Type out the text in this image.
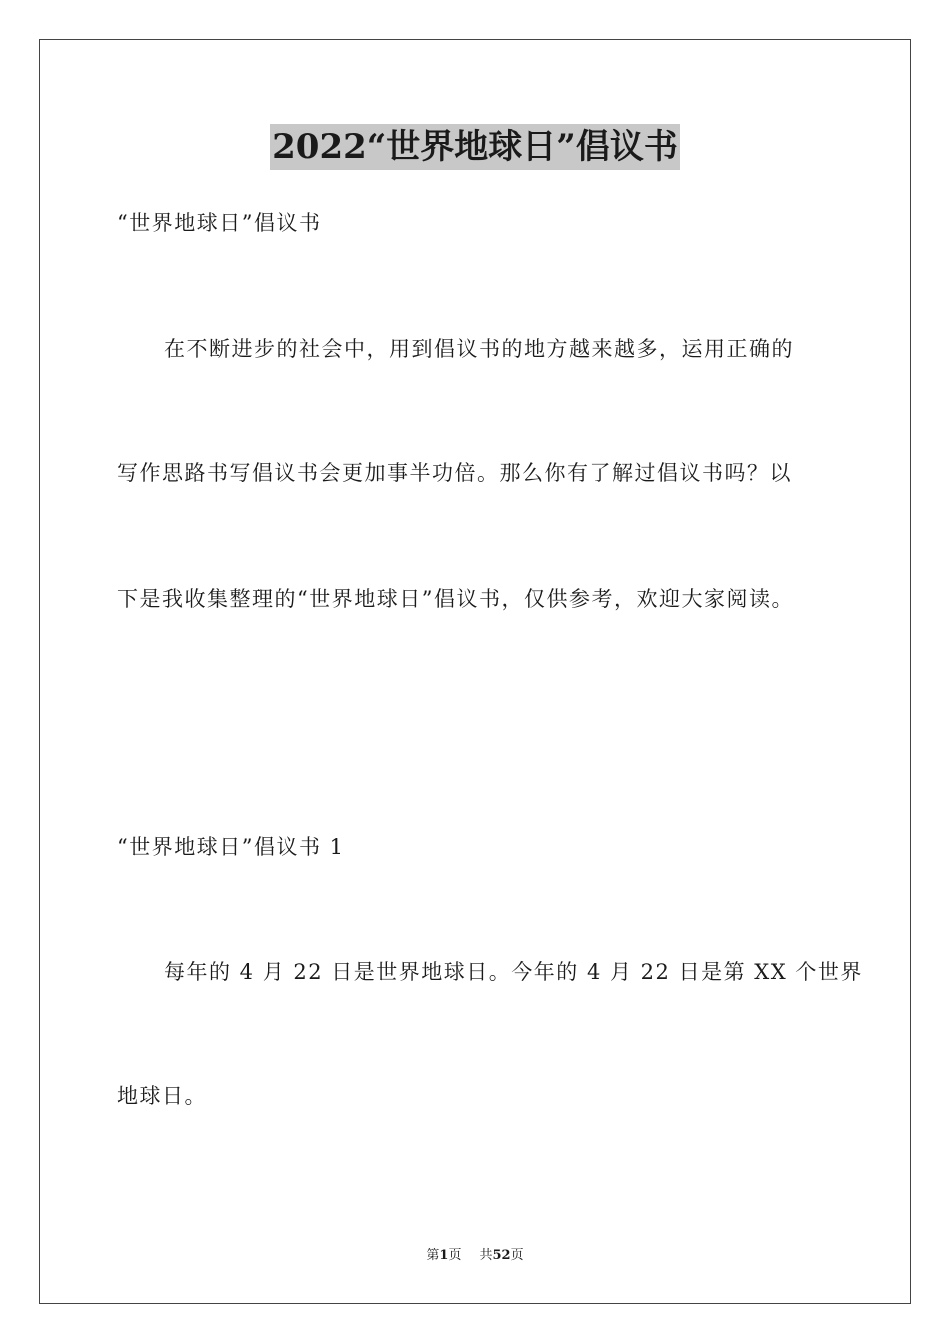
2022“世界地球日”倡议书
“世界地球日”倡议书
在不断进步的社会中，用到倡议书的地方越来越多，运用正确的
写作思路书写倡议书会更加事半功倍。那么你有了解过倡议书吗？以
下是我收集整理的“世界地球日”倡议书，仅供参考，欢迎大家阅读。
“世界地球日”倡议书 1
每年的 4 月 22 日是世界地球日。今年的 4 月 22 日是第 XX 个世界
地球日。
第1页 共52页
